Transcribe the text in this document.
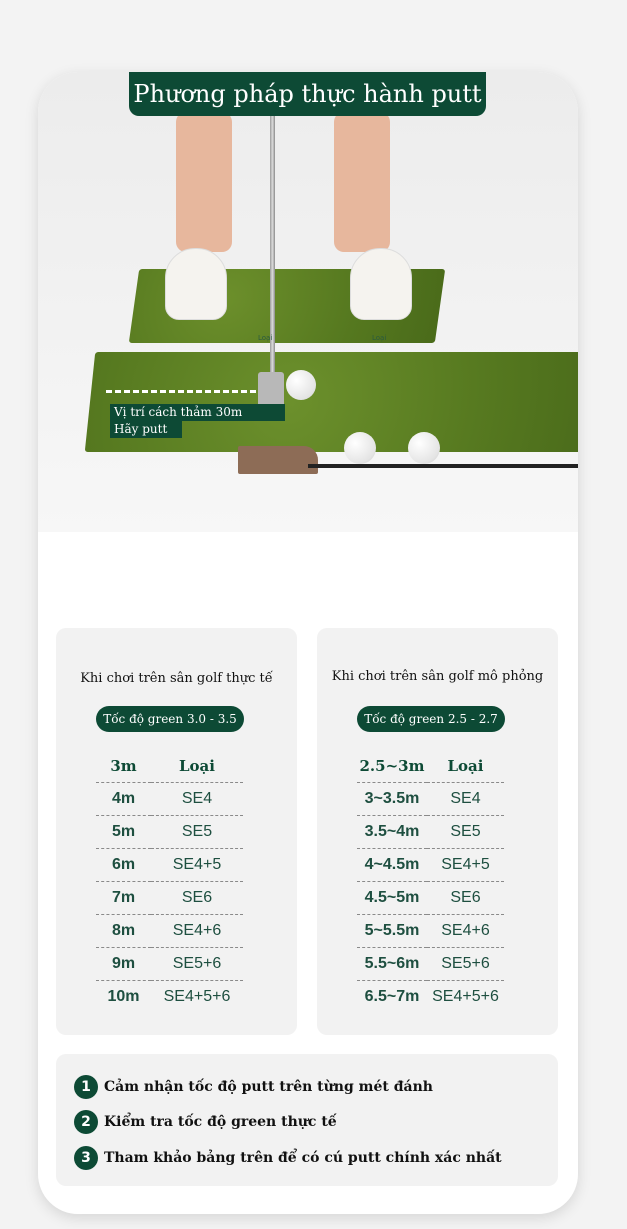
Loại	Loại
Vị trí cách thảm 30m
Hãy putt
Phương pháp thực hành putt
Khi chơi trên sân golf thực tế
Tốc độ green 3.0 - 3.5
3m	Loại
4m	SE4
5m	SE5
6m	SE4+5
7m	SE6
8m	SE4+6
9m	SE5+6
10m	SE4+5+6
Khi chơi trên sân golf mô phỏng
Tốc độ green 2.5 - 2.7
2.5~3m	Loại
3~3.5m	SE4
3.5~4m	SE5
4~4.5m	SE4+5
4.5~5m	SE6
5~5.5m	SE4+6
5.5~6m	SE5+6
6.5~7m	SE4+5+6
1 Cảm nhận tốc độ putt trên từng mét đánh
2 Kiểm tra tốc độ green thực tế
3 Tham khảo bảng trên để có cú putt chính xác nhất
